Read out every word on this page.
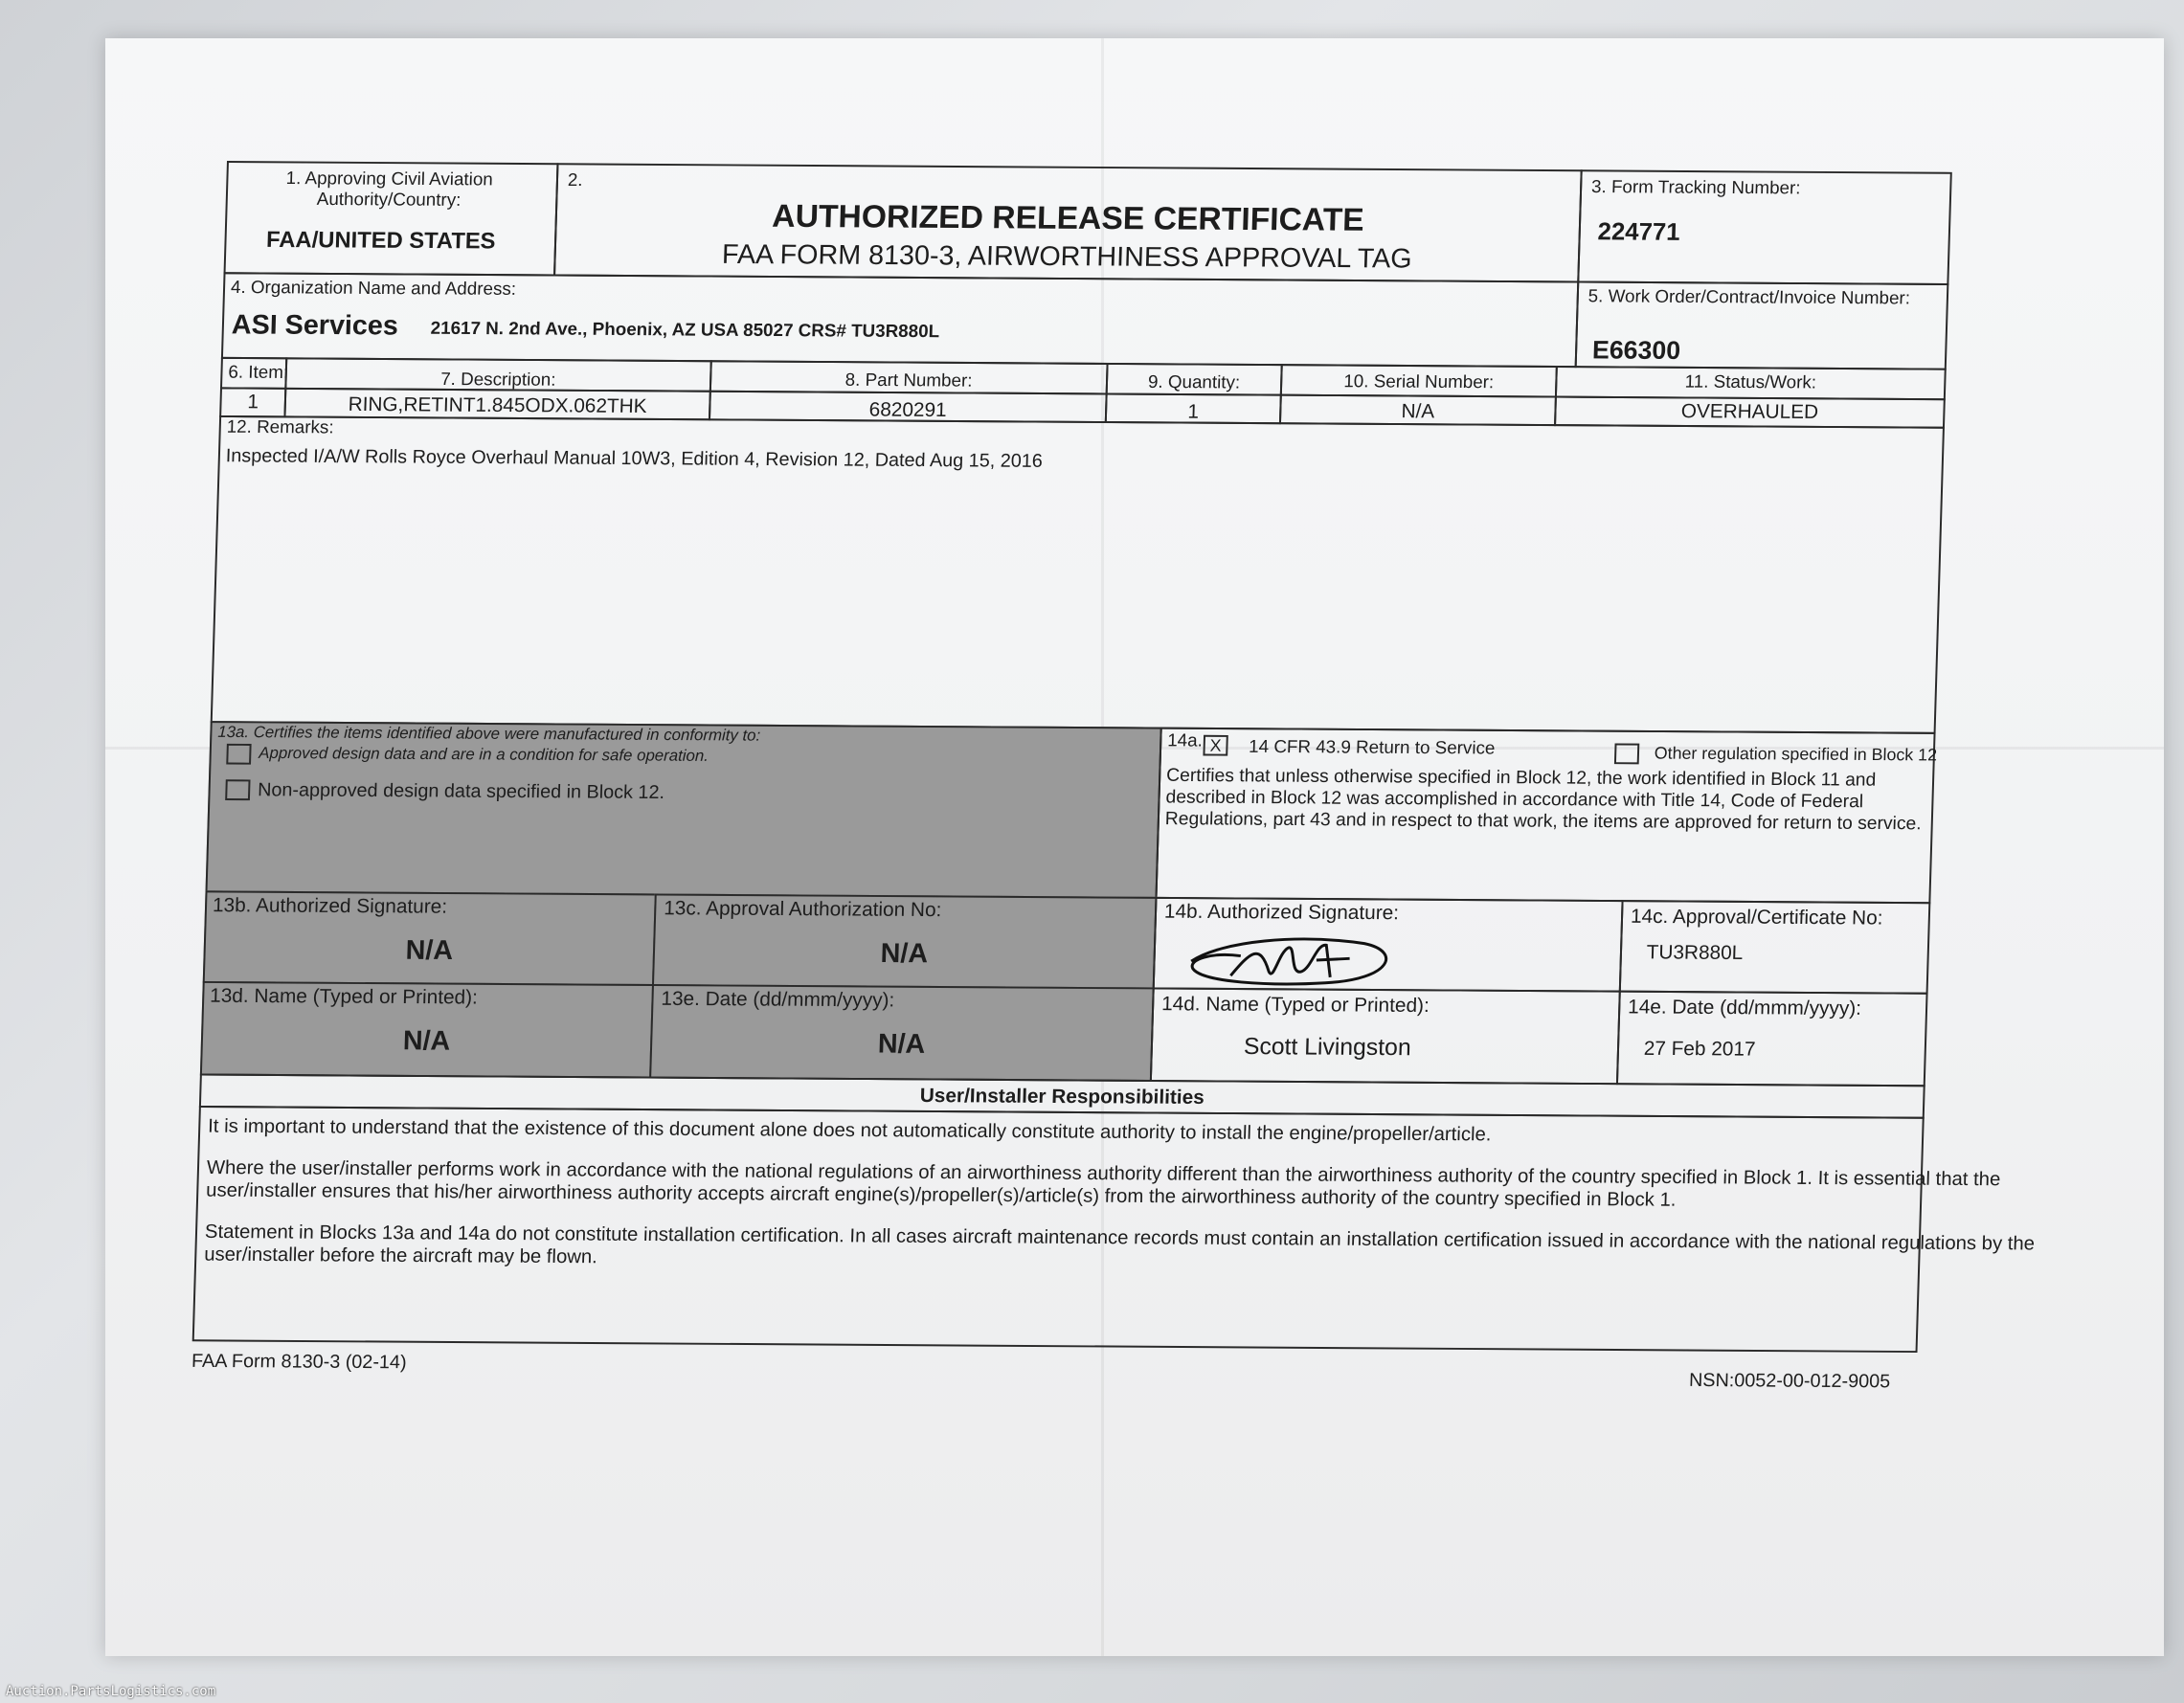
1. Approving Civil Aviation Authority/Country:
FAA/UNITED STATES
2.
AUTHORIZED RELEASE CERTIFICATE
FAA FORM 8130-3, AIRWORTHINESS APPROVAL TAG
3. Form Tracking Number:
224771
4. Organization Name and Address:
ASI Services 21617 N. 2nd Ave., Phoenix, AZ USA 85027 CRS# TU3R880L
5. Work Order/Contract/Invoice Number:
E66300
6. Item:	7. Description:	8. Part Number:	9. Quantity:	10. Serial Number:	11. Status/Work:
1	RING,RETINT1.845ODX.062THK	6820291	1	N/A	OVERHAULED
12. Remarks:
Inspected I/A/W Rolls Royce Overhaul Manual 10W3, Edition 4, Revision 12, Dated Aug 15, 2016
13a. Certifies the items identified above were manufactured in conformity to:
Approved design data and are in a condition for safe operation.
Non-approved design data specified in Block 12.
14a. X	14 CFR 43.9 Return to Service	Other regulation specified in Block 12
Certifies that unless otherwise specified in Block 12, the work identified in Block 11 and described in Block 12 was accomplished in accordance with Title 14, Code of Federal Regulations, part 43 and in respect to that work, the items are approved for return to service.
13b. Authorized Signature:
N/A
13c. Approval Authorization No:
N/A
14b. Authorized Signature:	14c. Approval/Certificate No:
TU3R880L
13d. Name (Typed or Printed):
N/A
13e. Date (dd/mmm/yyyy):
N/A
14d. Name (Typed or Printed):
Scott Livingston
14e. Date (dd/mmm/yyyy):
27 Feb 2017
User/Installer Responsibilities
It is important to understand that the existence of this document alone does not automatically constitute authority to install the engine/propeller/article.
Where the user/installer performs work in accordance with the national regulations of an airworthiness authority different than the airworthiness authority of the country specified in Block 1. It is essential that the user/installer ensures that his/her airworthiness authority accepts aircraft engine(s)/propeller(s)/article(s) from the airworthiness authority of the country specified in Block 1.
Statement in Blocks 13a and 14a do not constitute installation certification. In all cases aircraft maintenance records must contain an installation certification issued in accordance with the national regulations by the user/installer before the aircraft may be flown.
FAA Form 8130-3 (02-14)
NSN:0052-00-012-9005
Auction.PartsLogistics.com
